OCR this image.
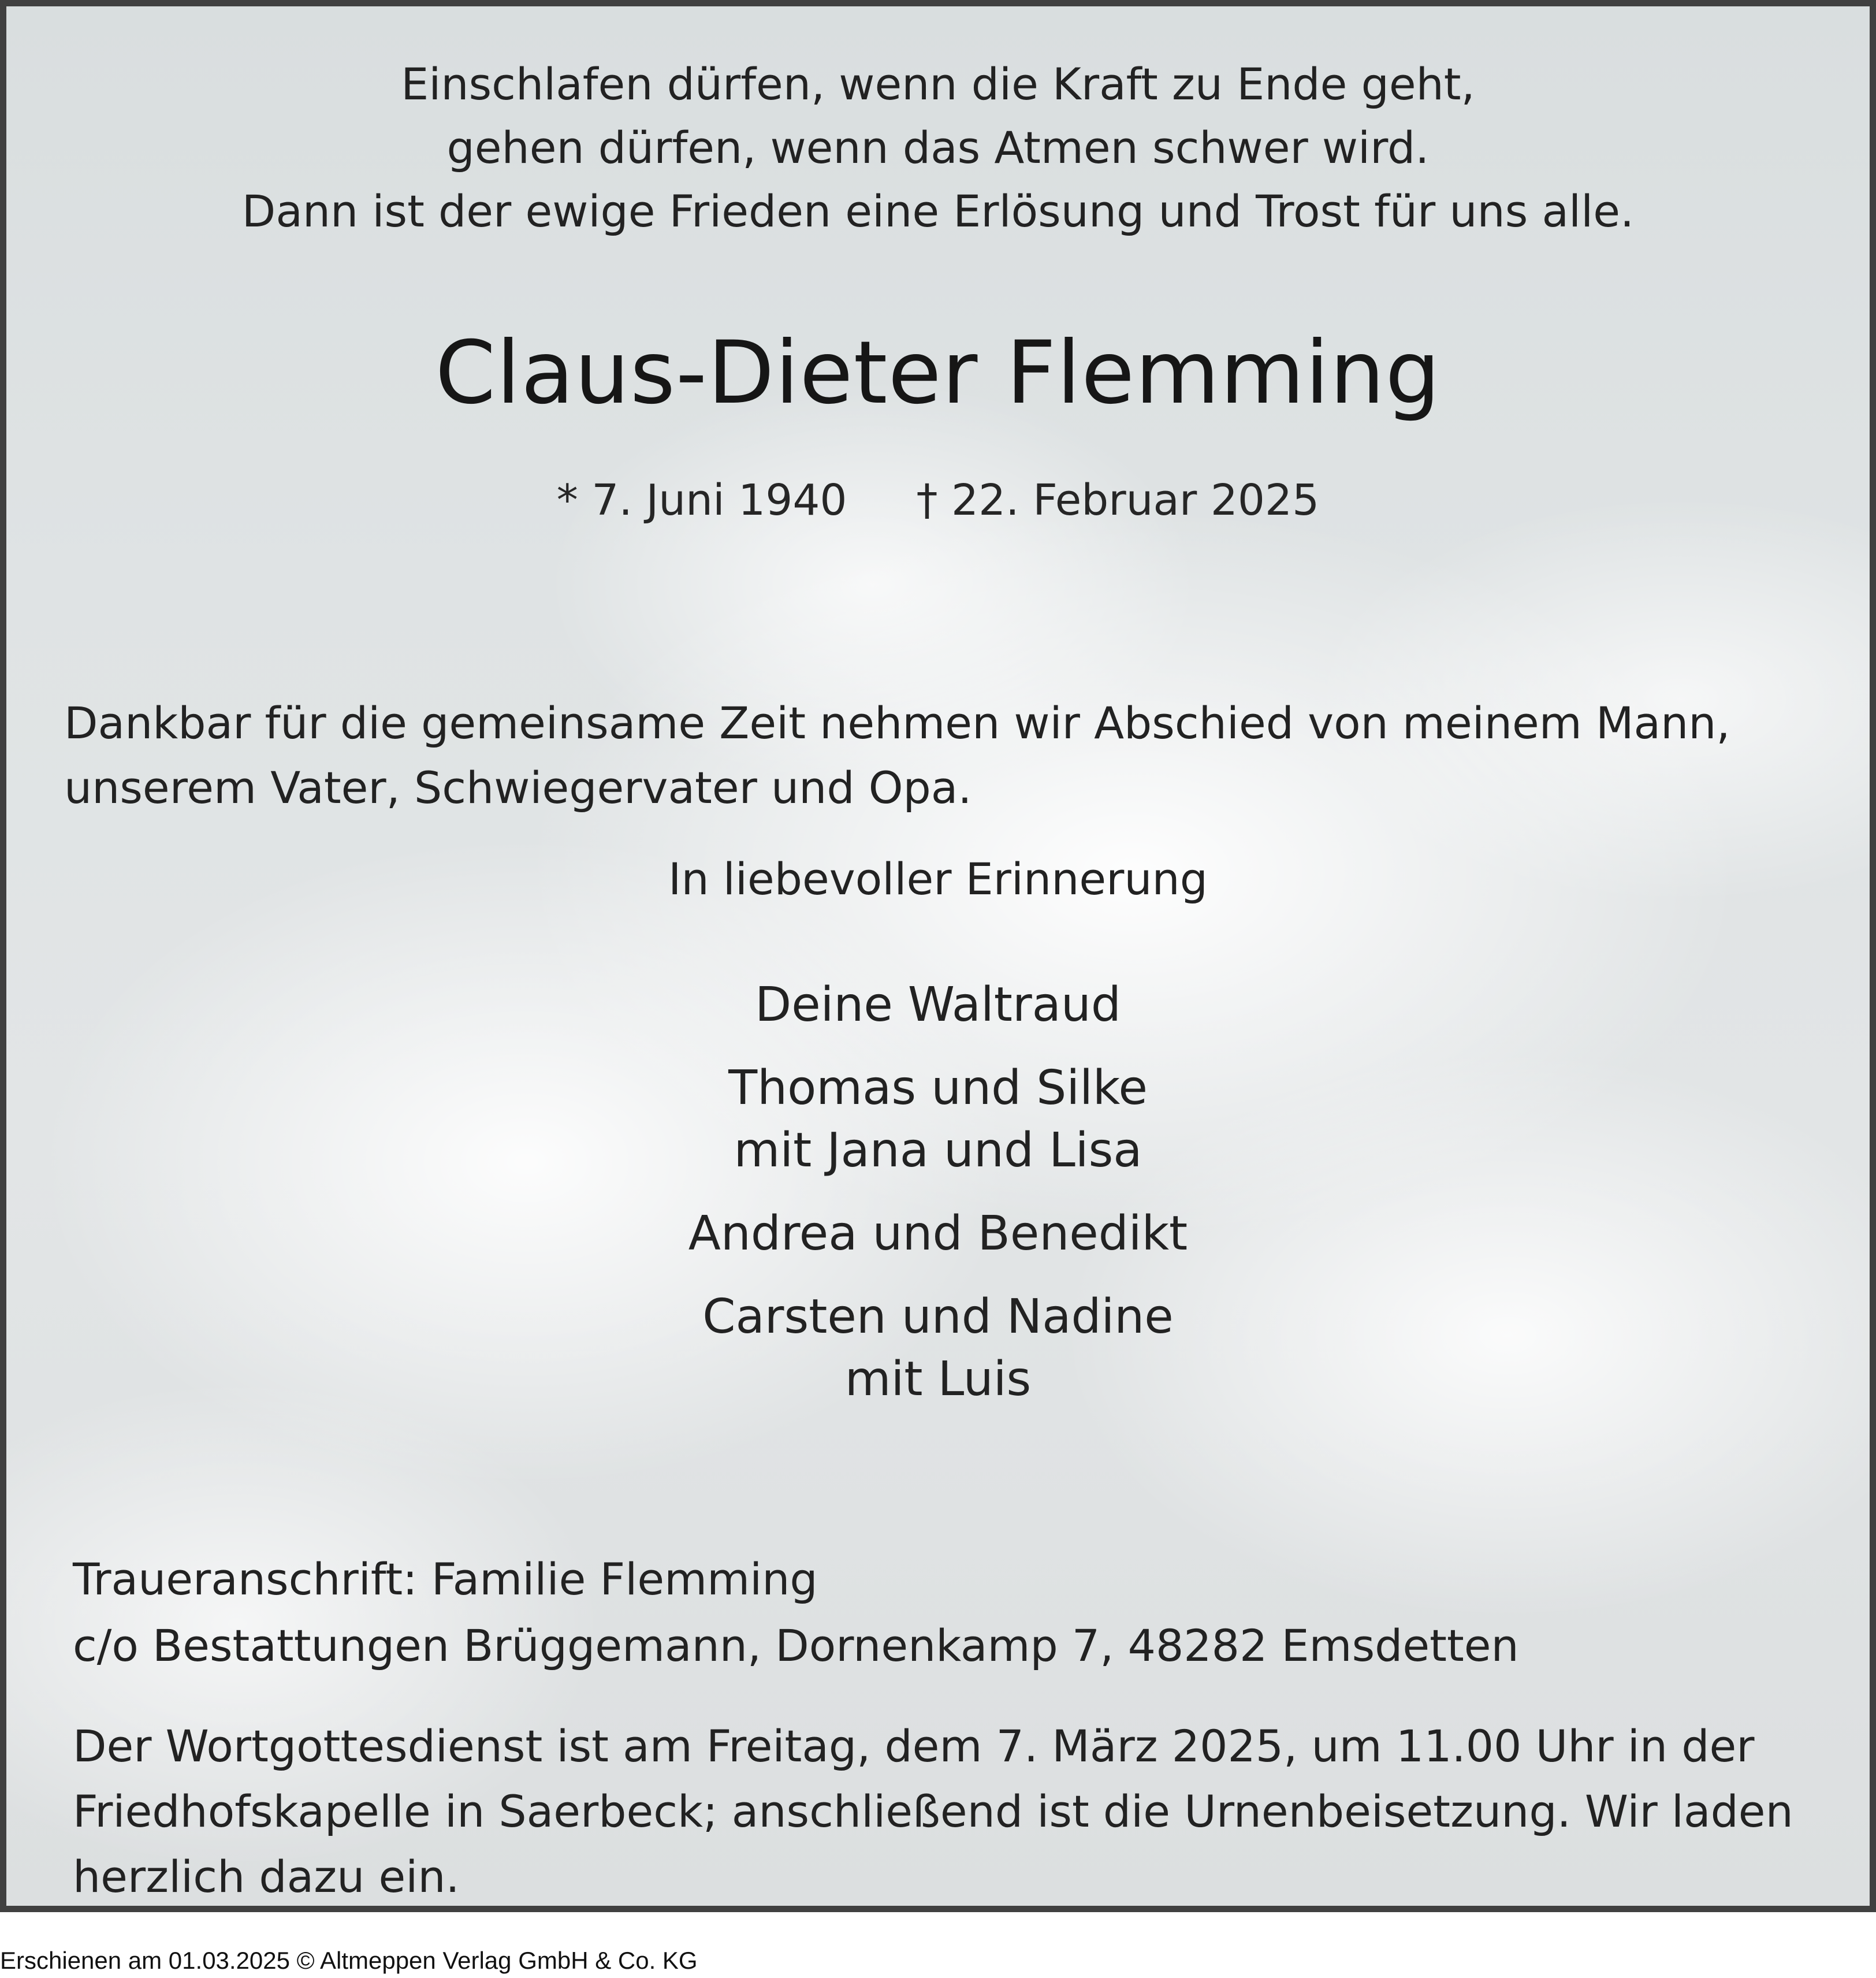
Einschlafen dürfen, wenn die Kraft zu Ende geht,
gehen dürfen, wenn das Atmen schwer wird.
Dann ist der ewige Frieden eine Erlösung und Trost für uns alle.
Claus-Dieter Flemming
* 7. Juni 1940 † 22. Februar 2025
Dankbar für die gemeinsame Zeit nehmen wir Abschied von meinem Mann,
unserem Vater, Schwiegervater und Opa.
In liebevoller Erinnerung
Deine Waltraud
Thomas und Silke
mit Jana und Lisa
Andrea und Benedikt
Carsten und Nadine
mit Luis
Traueranschrift: Familie Flemming
c/o Bestattungen Brüggemann, Dornenkamp 7, 48282 Emsdetten
Der Wortgottesdienst ist am Freitag, dem 7. März 2025, um 11.00 Uhr in der
Friedhofskapelle in Saerbeck; anschließend ist die Urnenbeisetzung. Wir laden
herzlich dazu ein.
Erschienen am 01.03.2025 © Altmeppen Verlag GmbH & Co. KG
